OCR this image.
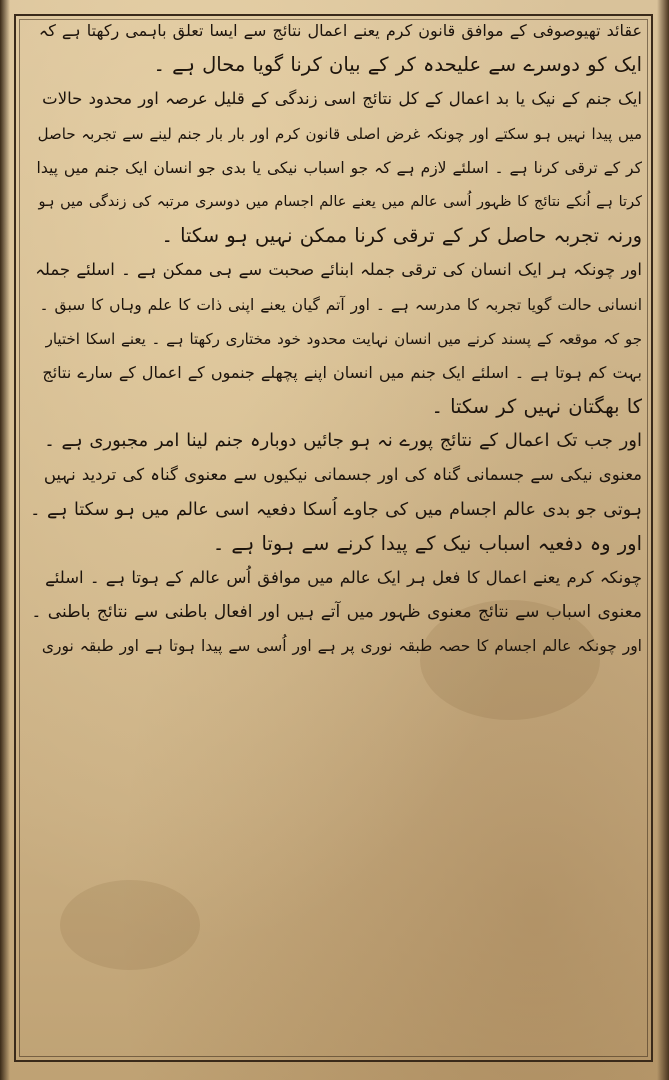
عقائد تھیوصوفی کے موافق قانون کرم یعنے اعمال نتائج سے ایسا تعلق باہمی رکھتا ہے کہ
ایک کو دوسرے سے علیحدہ کر کے بیان کرنا گویا محال ہے ۔
ایک جنم کے نیک یا بد اعمال کے کل نتائج اسی زندگی کے قلیل عرصہ اور محدود حالات
میں پیدا نہیں ہو سکتے اور چونکہ غرض اصلی قانون کرم اور بار بار جنم لینے سے تجربہ حاصل
کر کے ترقی کرنا ہے ۔ اسلئے لازم ہے کہ جو اسباب نیکی یا بدی جو انسان ایک جنم میں پیدا
کرتا ہے اُنکے نتائج کا ظہور اُسی عالم میں یعنے عالم اجسام میں دوسری مرتبہ کی زندگی میں ہو
ورنہ تجربہ حاصل کر کے ترقی کرنا ممکن نہیں ہو سکتا ۔
اور چونکہ ہر ایک انسان کی ترقی جملہ ابنائے صحبت سے ہی ممکن ہے ۔ اسلئے جملہ
انسانی حالت گویا تجربہ کا مدرسہ ہے ۔ اور آتم گیان یعنے اپنی ذات کا علم وہاں کا سبق ۔
جو کہ موقعہ کے پسند کرنے میں انسان نہایت محدود خود مختاری رکھتا ہے ۔ یعنے اسکا اختیار
بہت کم ہوتا ہے ۔ اسلئے ایک جنم میں انسان اپنے پچھلے جنموں کے اعمال کے سارے نتائج
کا بھگتان نہیں کر سکتا ۔
اور جب تک اعمال کے نتائج پورے نہ ہو جائیں دوبارہ جنم لینا امر مجبوری ہے ۔
معنوی نیکی سے جسمانی گناہ کی اور جسمانی نیکیوں سے معنوی گناہ کی تردید نہیں
ہوتی جو بدی عالم اجسام میں کی جاوے اُسکا دفعیہ اسی عالم میں ہو سکتا ہے ۔
اور وہ دفعیہ اسباب نیک کے پیدا کرنے سے ہوتا ہے ۔
چونکہ کرم یعنے اعمال کا فعل ہر ایک عالم میں موافق اُس عالم کے ہوتا ہے ۔ اسلئے
معنوی اسباب سے نتائج معنوی ظہور میں آتے ہیں اور افعال باطنی سے نتائج باطنی ۔
اور چونکہ عالم اجسام کا حصہ طبقہ نوری پر ہے اور اُسی سے پیدا ہوتا ہے اور طبقہ نوری
